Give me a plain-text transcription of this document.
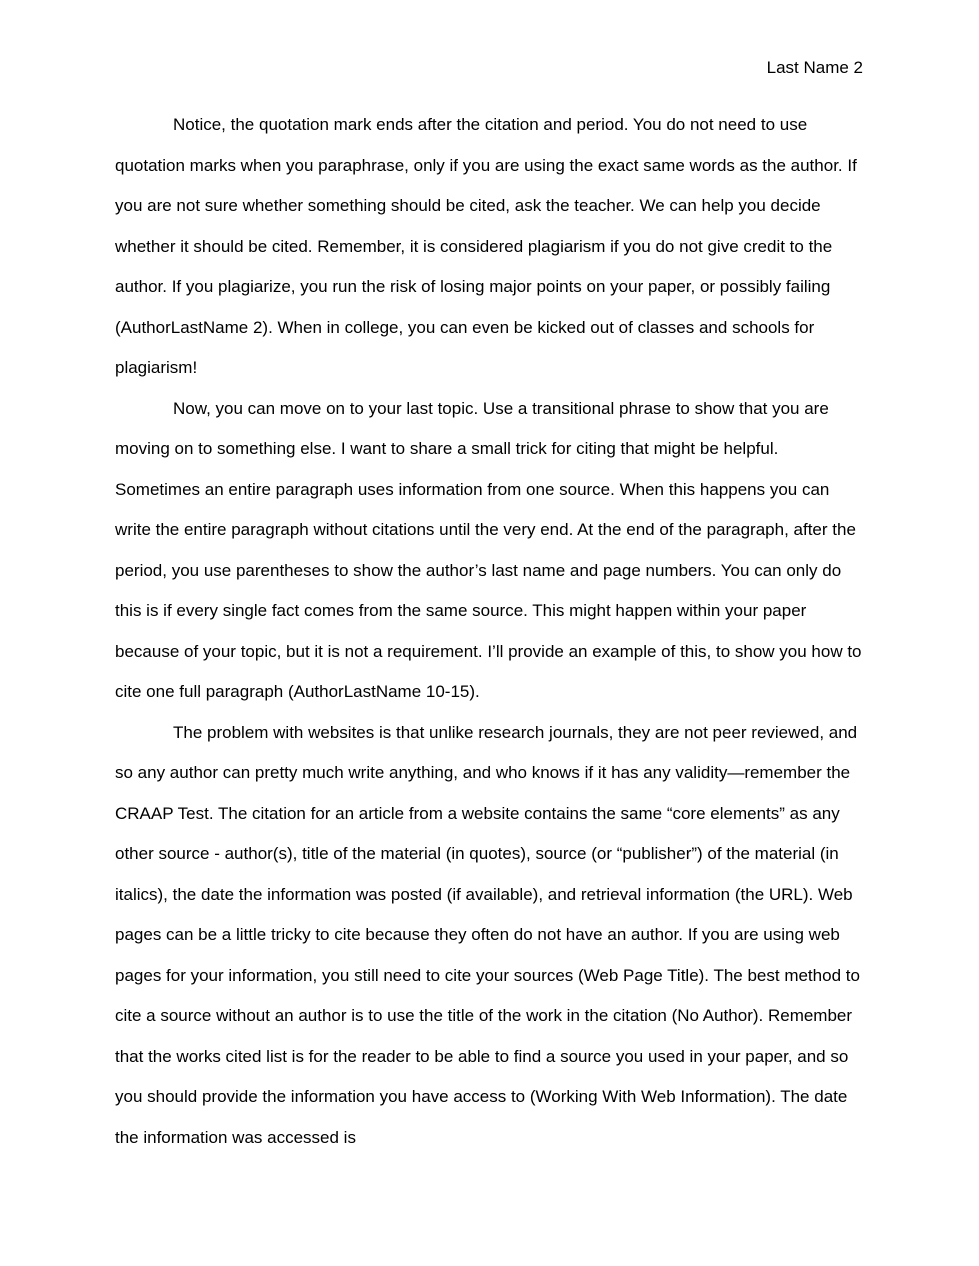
Last Name 2

Notice, the quotation mark ends after the citation and period. You do not need to use quotation marks when you paraphrase, only if you are using the exact same words as the author. If you are not sure whether something should be cited, ask the teacher. We can help you decide whether it should be cited. Remember, it is considered plagiarism if you do not give credit to the author. If you plagiarize, you run the risk of losing major points on your paper, or possibly failing (AuthorLastName 2). When in college, you can even be kicked out of classes and schools for plagiarism!

Now, you can move on to your last topic. Use a transitional phrase to show that you are moving on to something else. I want to share a small trick for citing that might be helpful. Sometimes an entire paragraph uses information from one source. When this happens you can write the entire paragraph without citations until the very end. At the end of the paragraph, after the period, you use parentheses to show the author’s last name and page numbers. You can only do this is if every single fact comes from the same source. This might happen within your paper because of your topic, but it is not a requirement. I’ll provide an example of this, to show you how to cite one full paragraph (AuthorLastName 10-15).

The problem with websites is that unlike research journals, they are not peer reviewed, and so any author can pretty much write anything, and who knows if it has any validity—remember the CRAAP Test. The citation for an article from a website contains the same “core elements” as any other source - author(s), title of the material (in quotes), source (or “publisher”) of the material (in italics), the date the information was posted (if available), and retrieval information (the URL). Web pages can be a little tricky to cite because they often do not have an author. If you are using web pages for your information, you still need to cite your sources (Web Page Title). The best method to cite a source without an author is to use the title of the work in the citation (No Author). Remember that the works cited list is for the reader to be able to find a source you used in your paper, and so you should provide the information you have access to (Working With Web Information). The date the information was accessed is
